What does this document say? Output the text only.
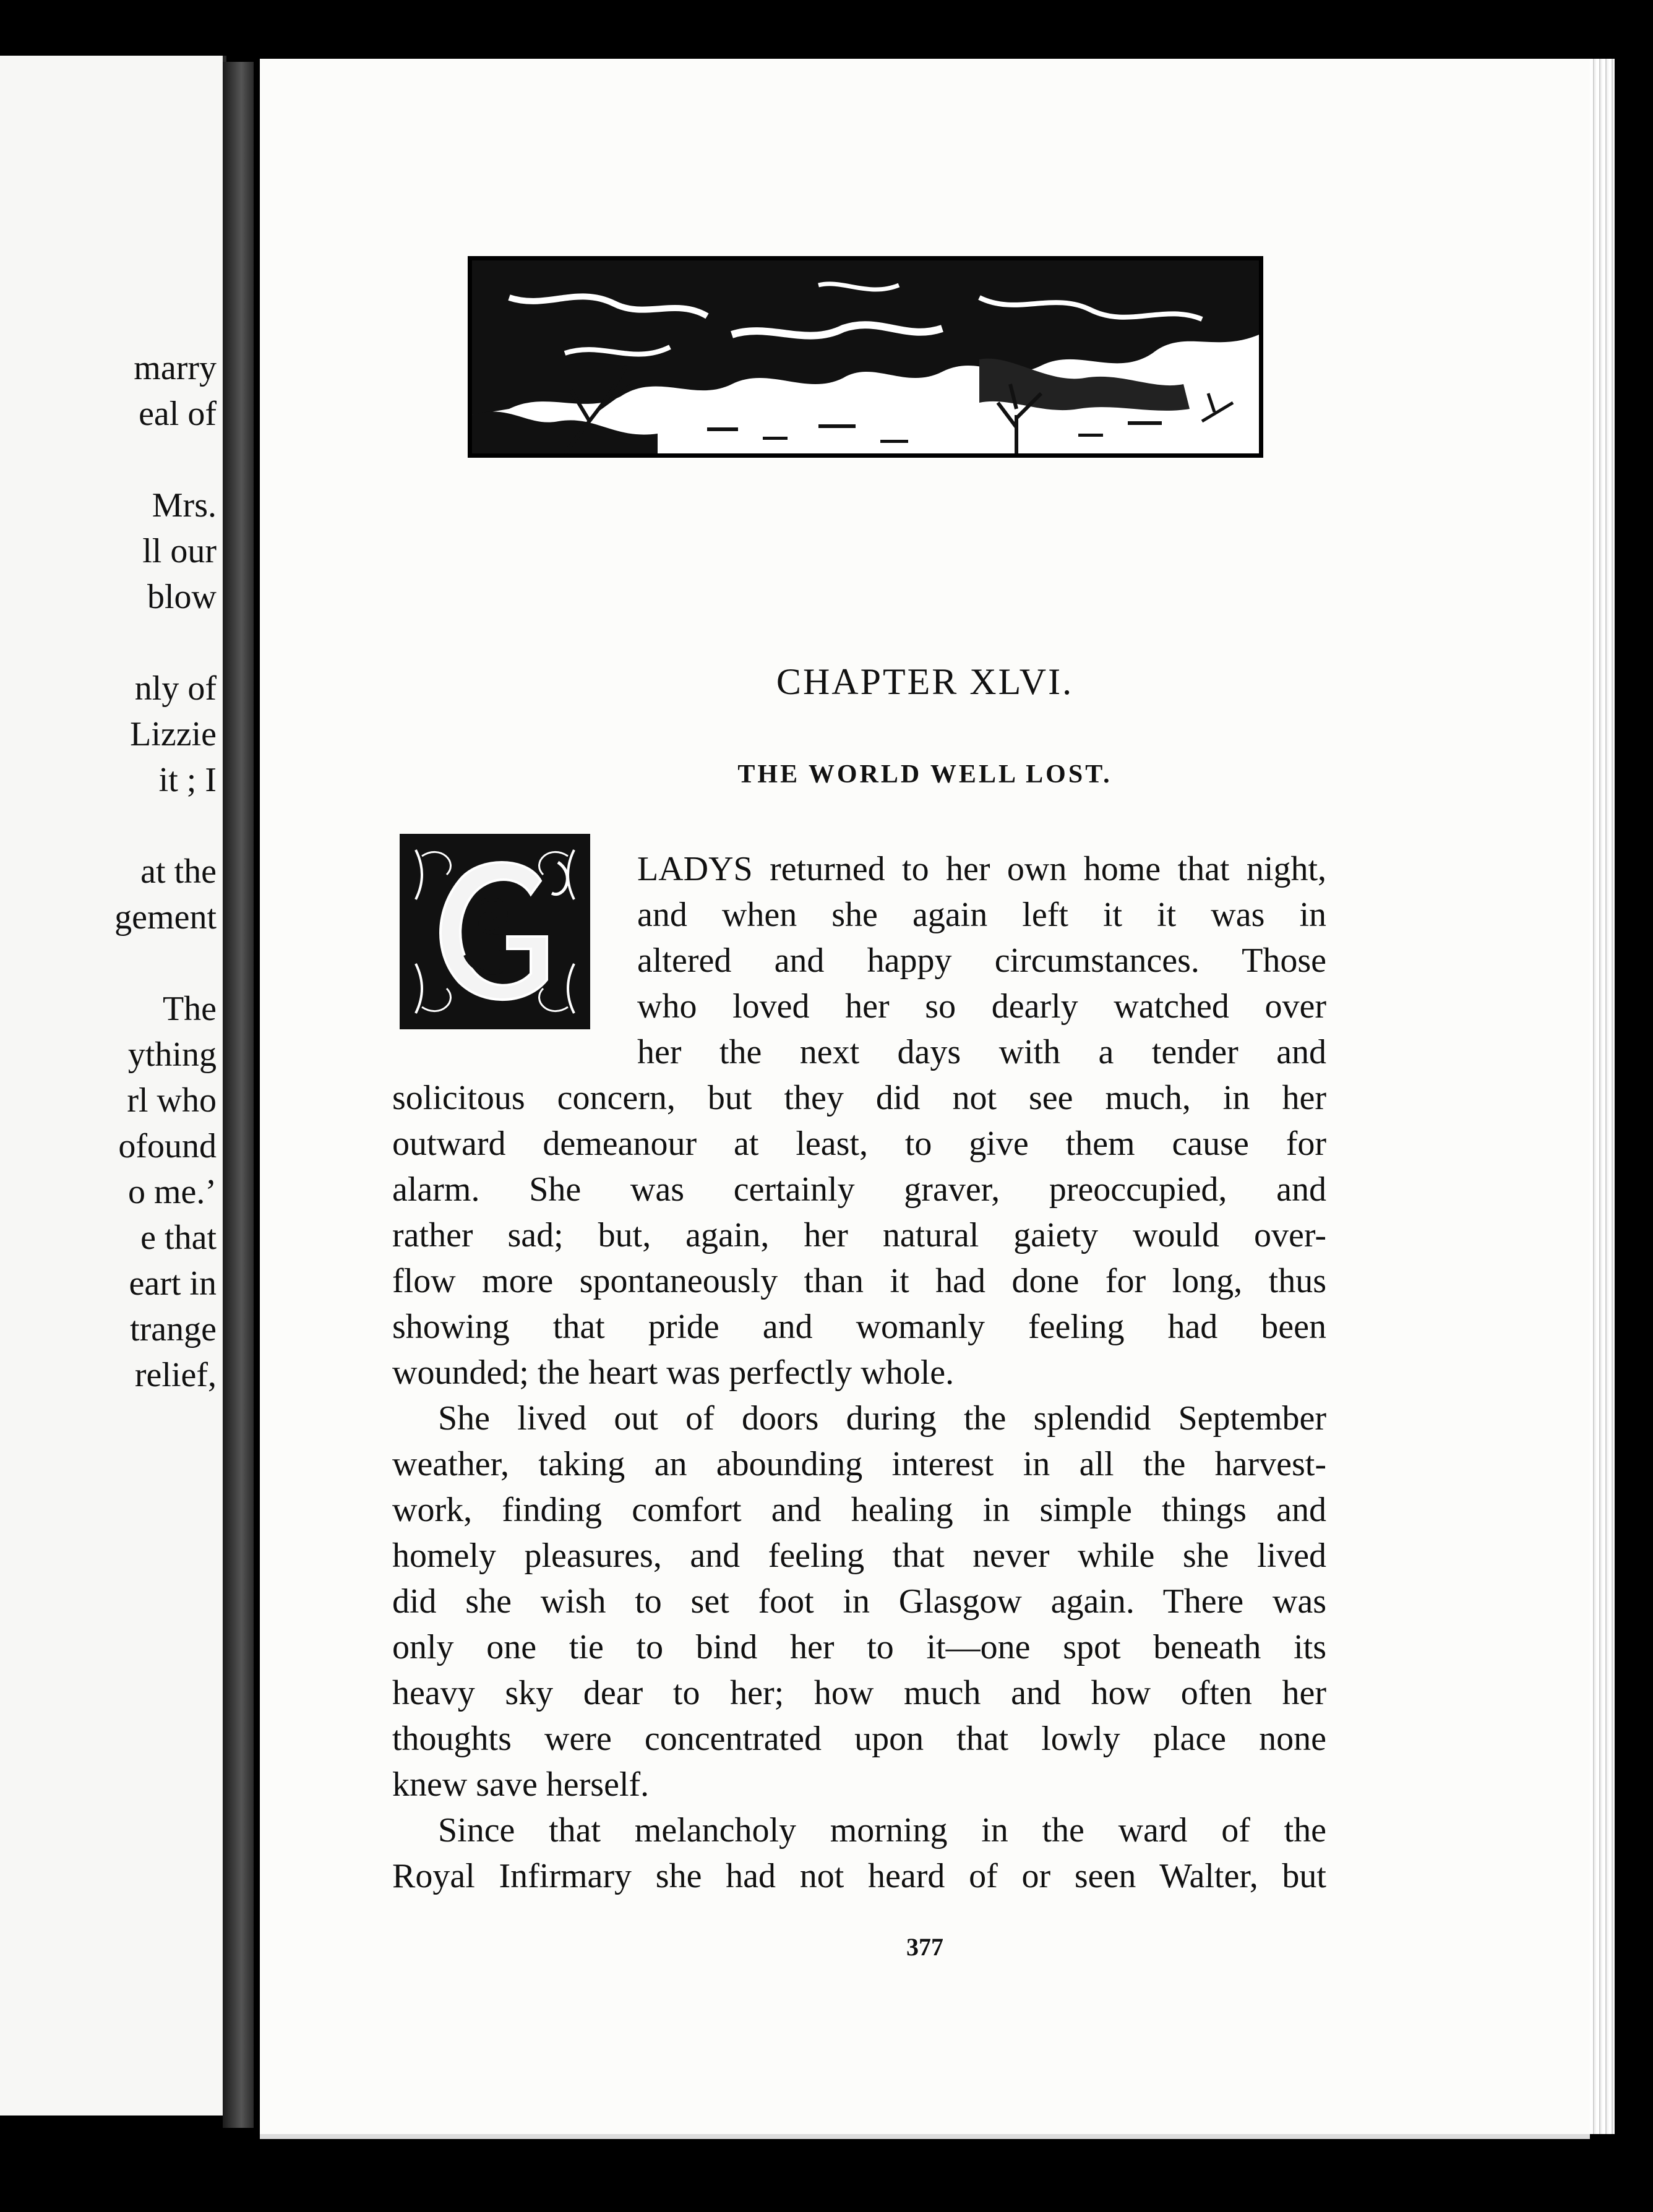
marry
eal of
Mrs.
ll our
blow
nly of
Lizzie
it ; I
at the
gement
The
ything
rl who
ofound
o me.’
e that
eart in
trange
relief,
CHAPTER XLVI.
THE WORLD WELL LOST.
LADYS returned to her own home that night,
and when she again left it it was in
altered and happy circumstances. Those
who loved her so dearly watched over
her the next days with a tender and
solicitous concern, but they did not see much, in her
outward demeanour at least, to give them cause for
alarm. She was certainly graver, preoccupied, and
rather sad; but, again, her natural gaiety would over-
flow more spontaneously than it had done for long, thus
showing that pride and womanly feeling had been
wounded; the heart was perfectly whole.
She lived out of doors during the splendid September
weather, taking an abounding interest in all the harvest-
work, finding comfort and healing in simple things and
homely pleasures, and feeling that never while she lived
did she wish to set foot in Glasgow again. There was
only one tie to bind her to it—one spot beneath its
heavy sky dear to her; how much and how often her
thoughts were concentrated upon that lowly place none
knew save herself.
Since that melancholy morning in the ward of the
Royal Infirmary she had not heard of or seen Walter, but
377
